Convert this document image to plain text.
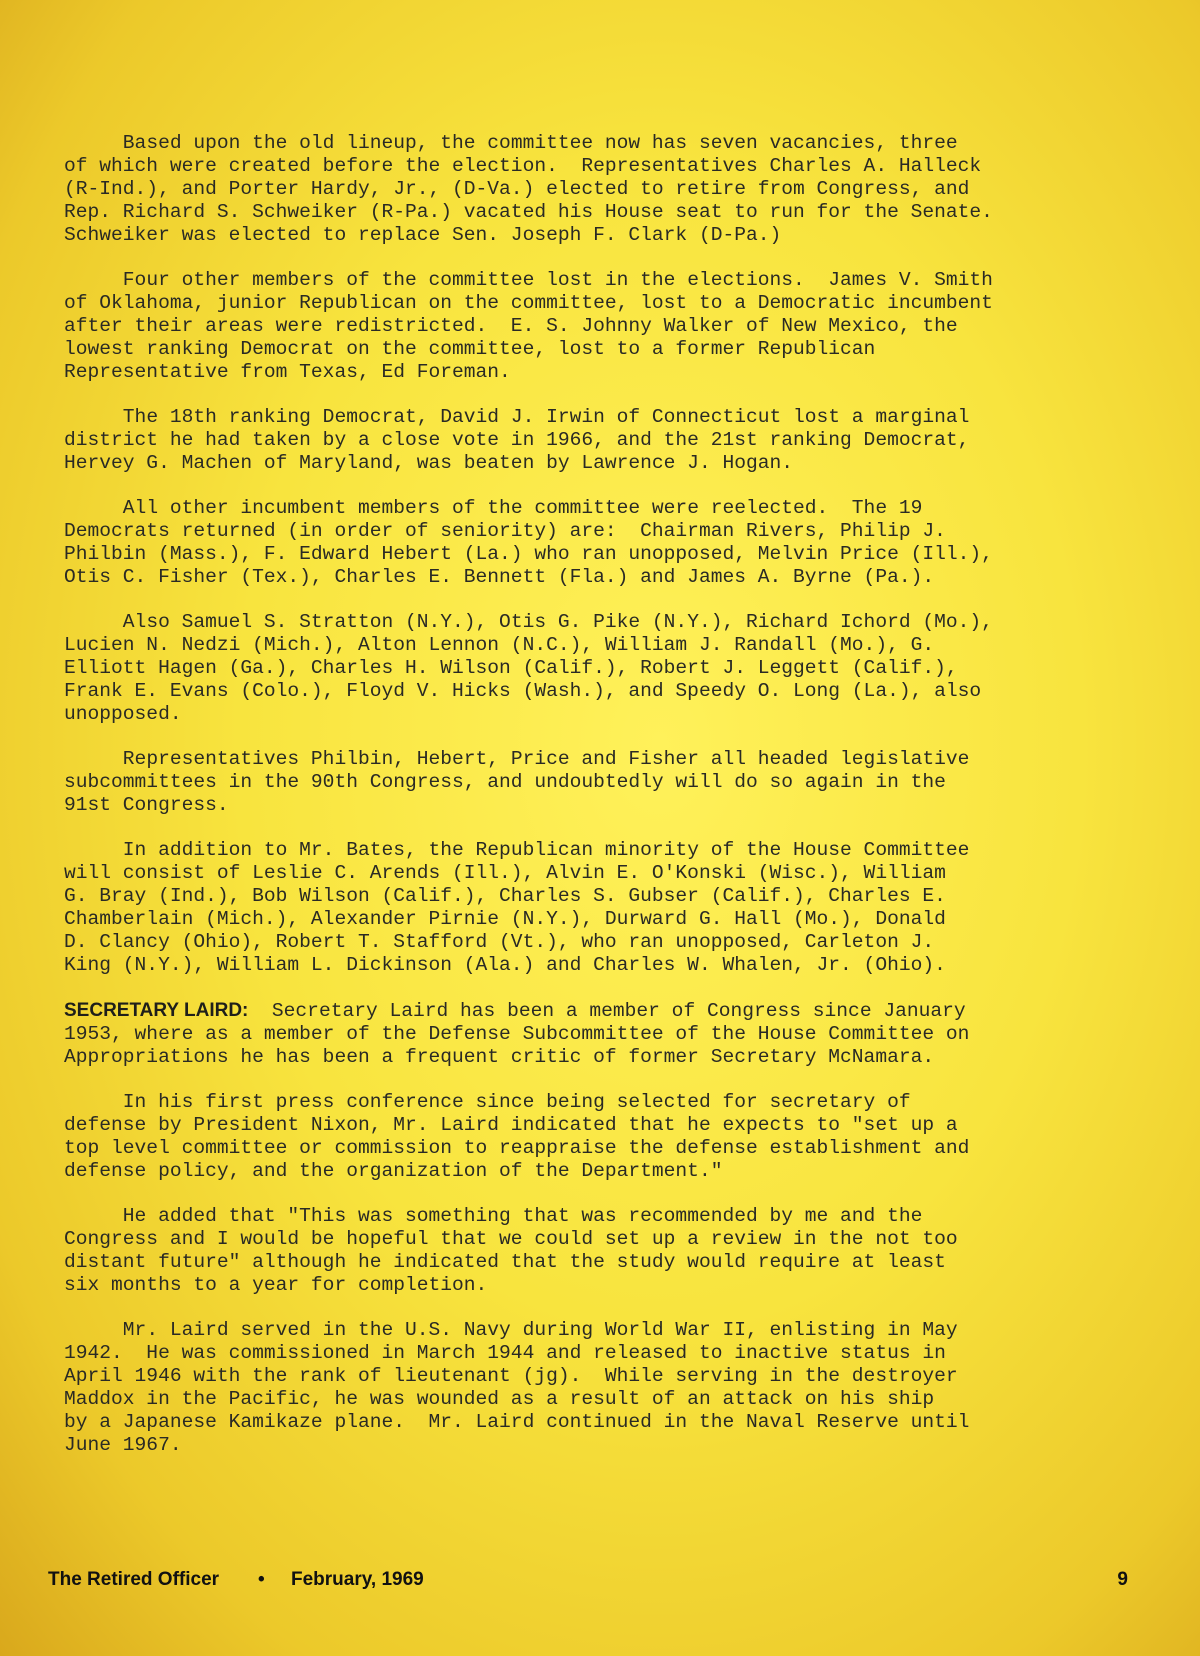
Based upon the old lineup, the committee now has seven vacancies, three
of which were created before the election.  Representatives Charles A. Halleck
(R-Ind.), and Porter Hardy, Jr., (D-Va.) elected to retire from Congress, and
Rep. Richard S. Schweiker (R-Pa.) vacated his House seat to run for the Senate.
Schweiker was elected to replace Sen. Joseph F. Clark (D-Pa.)

Four other members of the committee lost in the elections.  James V. Smith
of Oklahoma, junior Republican on the committee, lost to a Democratic incumbent
after their areas were redistricted.  E. S. Johnny Walker of New Mexico, the
lowest ranking Democrat on the committee, lost to a former Republican
Representative from Texas, Ed Foreman.

The 18th ranking Democrat, David J. Irwin of Connecticut lost a marginal
district he had taken by a close vote in 1966, and the 21st ranking Democrat,
Hervey G. Machen of Maryland, was beaten by Lawrence J. Hogan.

All other incumbent members of the committee were reelected.  The 19
Democrats returned (in order of seniority) are:  Chairman Rivers, Philip J.
Philbin (Mass.), F. Edward Hebert (La.) who ran unopposed, Melvin Price (Ill.),
Otis C. Fisher (Tex.), Charles E. Bennett (Fla.) and James A. Byrne (Pa.).

Also Samuel S. Stratton (N.Y.), Otis G. Pike (N.Y.), Richard Ichord (Mo.),
Lucien N. Nedzi (Mich.), Alton Lennon (N.C.), William J. Randall (Mo.), G.
Elliott Hagen (Ga.), Charles H. Wilson (Calif.), Robert J. Leggett (Calif.),
Frank E. Evans (Colo.), Floyd V. Hicks (Wash.), and Speedy O. Long (La.), also
unopposed.

Representatives Philbin, Hebert, Price and Fisher all headed legislative
subcommittees in the 90th Congress, and undoubtedly will do so again in the
91st Congress.

In addition to Mr. Bates, the Republican minority of the House Committee
will consist of Leslie C. Arends (Ill.), Alvin E. O'Konski (Wisc.), William
G. Bray (Ind.), Bob Wilson (Calif.), Charles S. Gubser (Calif.), Charles E.
Chamberlain (Mich.), Alexander Pirnie (N.Y.), Durward G. Hall (Mo.), Donald
D. Clancy (Ohio), Robert T. Stafford (Vt.), who ran unopposed, Carleton J.
King (N.Y.), William L. Dickinson (Ala.) and Charles W. Whalen, Jr. (Ohio).

SECRETARY LAIRD:  Secretary Laird has been a member of Congress since January
1953, where as a member of the Defense Subcommittee of the House Committee on
Appropriations he has been a frequent critic of former Secretary McNamara.

In his first press conference since being selected for secretary of
defense by President Nixon, Mr. Laird indicated that he expects to "set up a
top level committee or commission to reappraise the defense establishment and
defense policy, and the organization of the Department."

He added that "This was something that was recommended by me and the
Congress and I would be hopeful that we could set up a review in the not too
distant future" although he indicated that the study would require at least
six months to a year for completion.

Mr. Laird served in the U.S. Navy during World War II, enlisting in May
1942.  He was commissioned in March 1944 and released to inactive status in
April 1946 with the rank of lieutenant (jg).  While serving in the destroyer
Maddox in the Pacific, he was wounded as a result of an attack on his ship
by a Japanese Kamikaze plane.  Mr. Laird continued in the Naval Reserve until
June 1967.

The Retired Officer • February, 1969	9
